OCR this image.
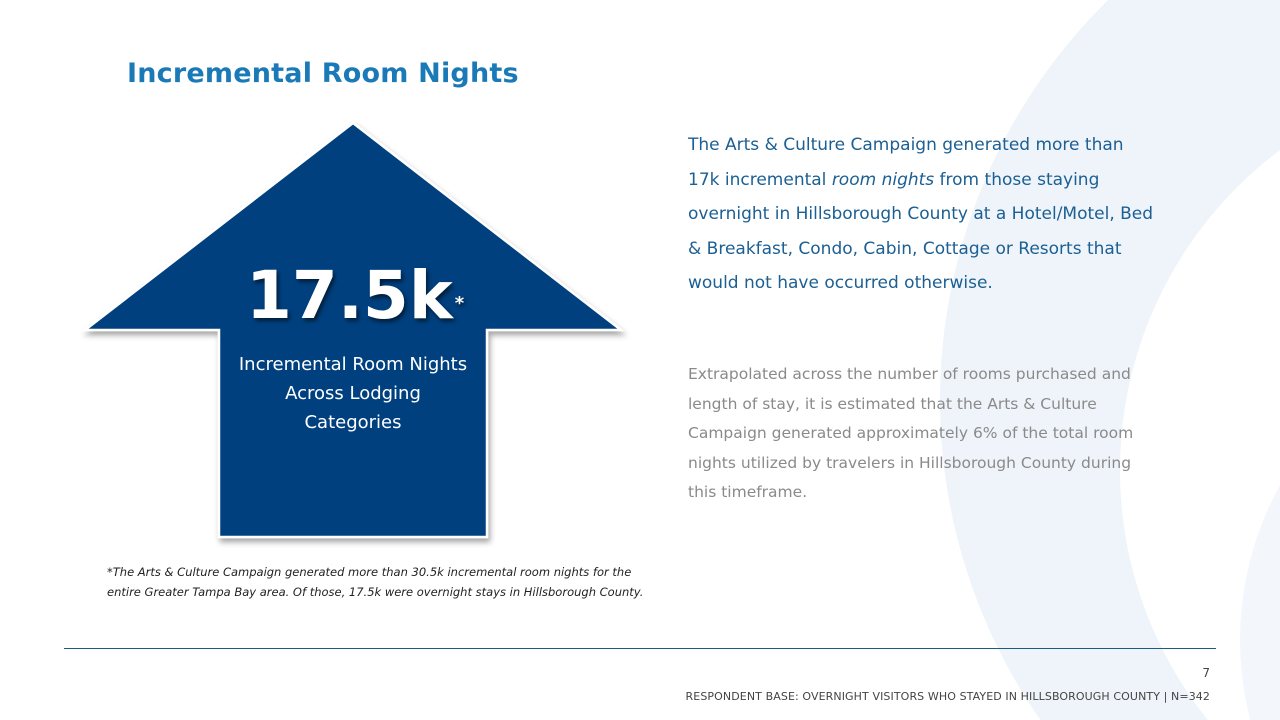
Incremental Room Nights
17.5k *
Incremental Room Nights
Across Lodging
Categories

The Arts & Culture Campaign generated more than 17k incremental room nights from those staying overnight in Hillsborough County at a Hotel/Motel, Bed & Breakfast, Condo, Cabin, Cottage or Resorts that would not have occurred otherwise.

Extrapolated across the number of rooms purchased and length of stay, it is estimated that the Arts & Culture Campaign generated approximately 6% of the total room nights utilized by travelers in Hillsborough County during this timeframe.

*The Arts & Culture Campaign generated more than 30.5k incremental room nights for the entire Greater Tampa Bay area. Of those, 17.5k were overnight stays in Hillsborough County.

7
RESPONDENT BASE: OVERNIGHT VISITORS WHO STAYED IN HILLSBOROUGH COUNTY | N=342
